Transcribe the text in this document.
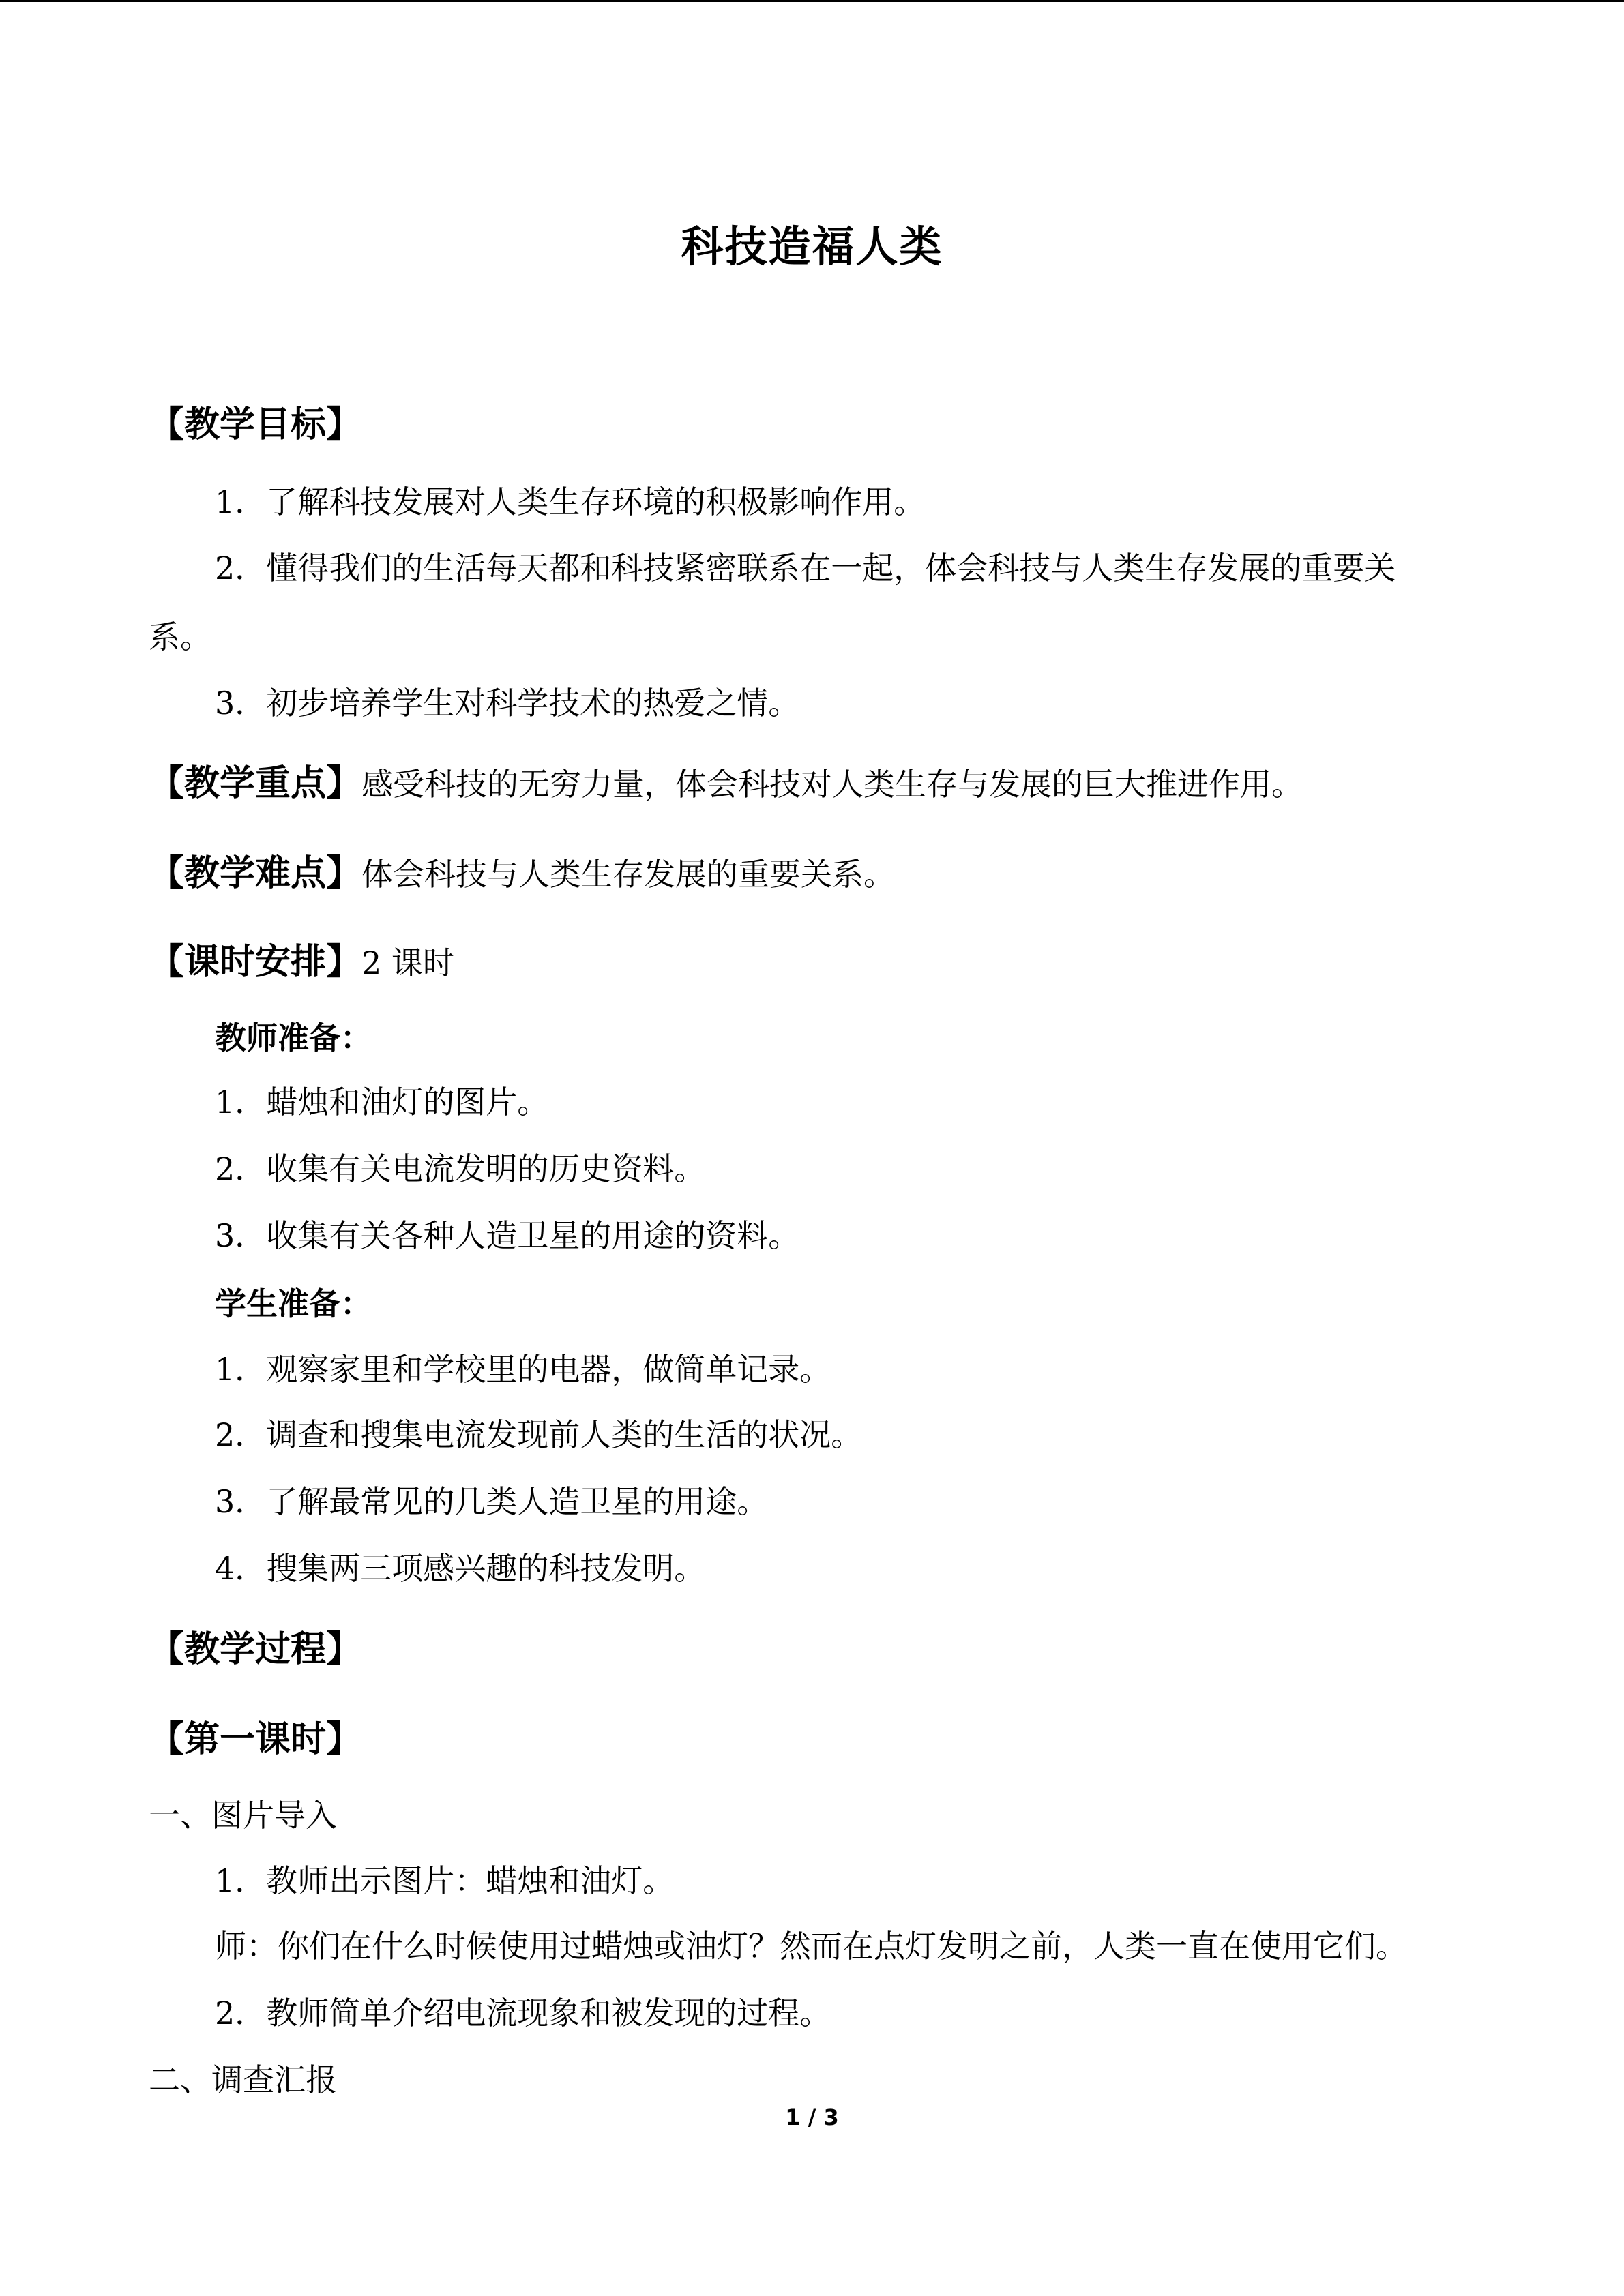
科技造福人类
【教学目标】
1．了解科技发展对人类生存环境的积极影响作用。
2．懂得我们的生活每天都和科技紧密联系在一起，体会科技与人类生存发展的重要关
系。
3．初步培养学生对科学技术的热爱之情。
【教学重点】感受科技的无穷力量，体会科技对人类生存与发展的巨大推进作用。
【教学难点】体会科技与人类生存发展的重要关系。
【课时安排】2 课时
教师准备：
1．蜡烛和油灯的图片。
2．收集有关电流发明的历史资料。
3．收集有关各种人造卫星的用途的资料。
学生准备：
1．观察家里和学校里的电器，做简单记录。
2．调查和搜集电流发现前人类的生活的状况。
3．了解最常见的几类人造卫星的用途。
4．搜集两三项感兴趣的科技发明。
【教学过程】
【第一课时】
一、图片导入
1．教师出示图片：蜡烛和油灯。
师：你们在什么时候使用过蜡烛或油灯？然而在点灯发明之前，人类一直在使用它们。
2．教师简单介绍电流现象和被发现的过程。
二、调查汇报
1 / 3
